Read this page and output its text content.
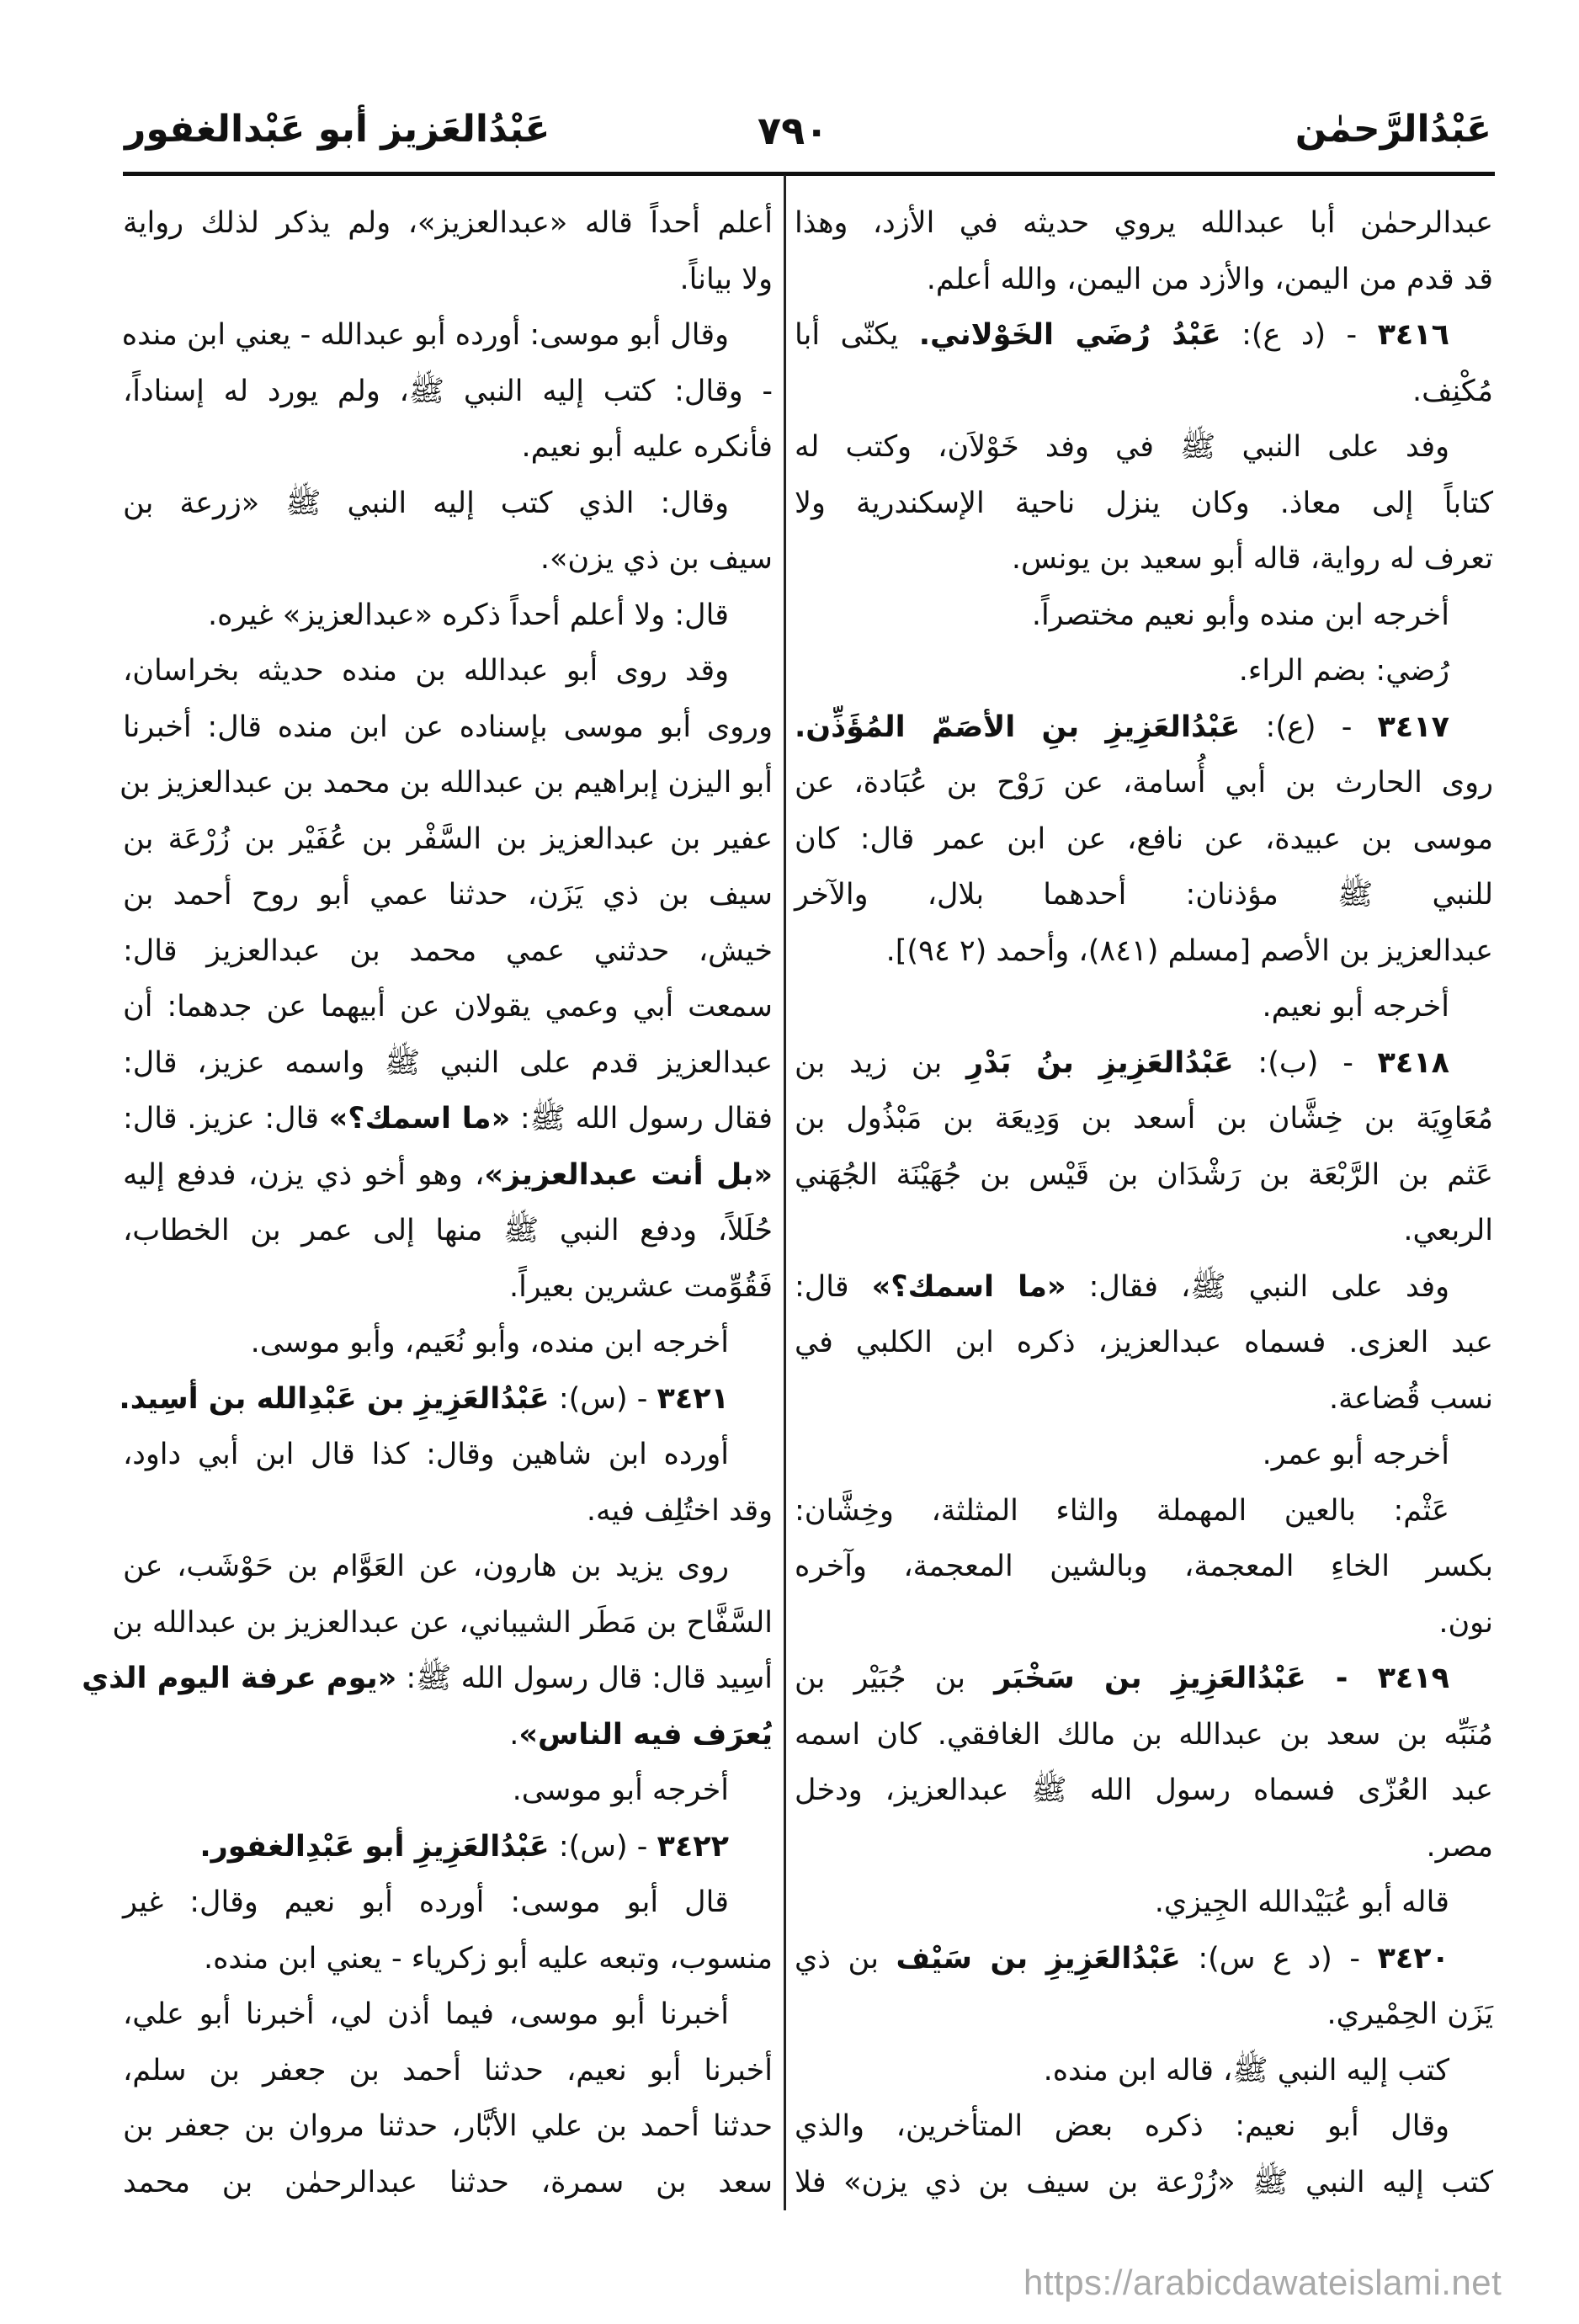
عَبْدُالرَّحمٰن
٧٩٠
عَبْدُالعَزيز أبو عَبْدالغفور
عبدالرحمٰن أبا عبدالله يروي حديثه في الأزد، وهذا
قد قدم من اليمن، والأزد من اليمن، والله أعلم.
٣٤١٦ - (د ع): عَبْدُ رُضَي الخَوْلاني. يكنّى أبا
مُكْنِف.
وفد على النبي ﷺ في وفد خَوْلاَن، وكتب له
كتاباً إلى معاذ. وكان ينزل ناحية الإسكندرية ولا
تعرف له رواية، قاله أبو سعيد بن يونس.
أخرجه ابن منده وأبو نعيم مختصراً.
رُضي: بضم الراء.
٣٤١٧ - (ع): عَبْدُالعَزِيزِ بنِ الأصَمّ المُؤَذِّن.
روى الحارث بن أبي أُسامة، عن رَوْح بن عُبَادة، عن
موسى بن عبيدة، عن نافع، عن ابن عمر قال: كان
للنبي ﷺ مؤذنان: أحدهما بلال، والآخر
عبدالعزيز بن الأصم [مسلم (٨٤١)، وأحمد (٢ ٩٤)].
أخرجه أبو نعيم.
٣٤١٨ - (ب): عَبْدُالعَزِيزِ بنُ بَدْرِ بن زيد بن
مُعَاوِيَة بن خِشَّان بن أسعد بن وَدِيعَة بن مَبْذُول بن
عَثم بن الرَّبْعَة بن رَشْدَان بن قَيْس بن جُهَيْنَة الجُهَني
الربعي.
وفد على النبي ﷺ، فقال: «ما اسمك؟» قال:
عبد العزى. فسماه عبدالعزيز، ذكره ابن الكلبي في
نسب قُضاعة.
أخرجه أبو عمر.
عَثْم: بالعين المهملة والثاء المثلثة، وخِشَّان:
بكسر الخاءِ المعجمة، وبالشين المعجمة، وآخره
نون.
٣٤١٩ - عَبْدُالعَزِيزِ بن سَخْبَر بن جُبَيْر بن
مُنَبِّه بن سعد بن عبدالله بن مالك الغافقي. كان اسمه
عبد العُزّى فسماه رسول الله ﷺ عبدالعزيز، ودخل
مصر.
قاله أبو عُبَيْدالله الجِيزي.
٣٤٢٠ - (د ع س): عَبْدُالعَزِيزِ بن سَيْف بن ذي
يَزَن الحِمْيري.
كتب إليه النبي ﷺ، قاله ابن منده.
وقال أبو نعيم: ذكره بعض المتأخرين، والذي
كتب إليه النبي ﷺ «زُرْعة بن سيف بن ذي يزن» فلا
أعلم أحداً قاله «عبدالعزيز»، ولم يذكر لذلك رواية
ولا بياناً.
وقال أبو موسى: أورده أبو عبدالله - يعني ابن منده
- وقال: كتب إليه النبي ﷺ، ولم يورد له إسناداً،
فأنكره عليه أبو نعيم.
وقال: الذي كتب إليه النبي ﷺ «زرعة بن
سيف بن ذي يزن».
قال: ولا أعلم أحداً ذكره «عبدالعزيز» غيره.
وقد روى أبو عبدالله بن منده حديثه بخراسان،
وروى أبو موسى بإسناده عن ابن منده قال: أخبرنا
أبو اليزن إبراهيم بن عبدالله بن محمد بن عبدالعزيز بن
عفير بن عبدالعزيز بن السَّفْر بن عُفَيْر بن زُرْعَة بن
سيف بن ذي يَزَن، حدثنا عمي أبو روح أحمد بن
خيش، حدثني عمي محمد بن عبدالعزيز قال:
سمعت أبي وعمي يقولان عن أبيهما عن جدهما: أن
عبدالعزيز قدم على النبي ﷺ واسمه عزيز، قال:
فقال رسول الله ﷺ: «ما اسمك؟» قال: عزيز. قال:
«بل أنت عبدالعزيز»، وهو أخو ذي يزن، فدفع إليه
حُلَلاً، ودفع النبي ﷺ منها إلى عمر بن الخطاب،
فَقُوِّمت عشرين بعيراً.
أخرجه ابن منده، وأبو نُعَيم، وأبو موسى.
٣٤٢١ - (س): عَبْدُالعَزِيزِ بن عَبْدِالله بن أسِيد.
أورده ابن شاهين وقال: كذا قال ابن أبي داود،
وقد اختُلِف فيه.
روى يزيد بن هارون، عن العَوَّام بن حَوْشَب، عن
السَّفَّاح بن مَطَر الشيباني، عن عبدالعزيز بن عبدالله بن
أسِيد قال: قال رسول الله ﷺ: «يوم عرفة اليوم الذي
يُعرَف فيه الناس».
أخرجه أبو موسى.
٣٤٢٢ - (س): عَبْدُالعَزِيزِ أبو عَبْدِالغفور.
قال أبو موسى: أورده أبو نعيم وقال: غير
منسوب، وتبعه عليه أبو زكرياء - يعني ابن منده.
أخبرنا أبو موسى، فيما أذن لي، أخبرنا أبو علي،
أخبرنا أبو نعيم، حدثنا أحمد بن جعفر بن سلم،
حدثنا أحمد بن علي الأبَّار، حدثنا مروان بن جعفر بن
سعد بن سمرة، حدثنا عبدالرحمٰن بن محمد
https://arabicdawateislami.net
